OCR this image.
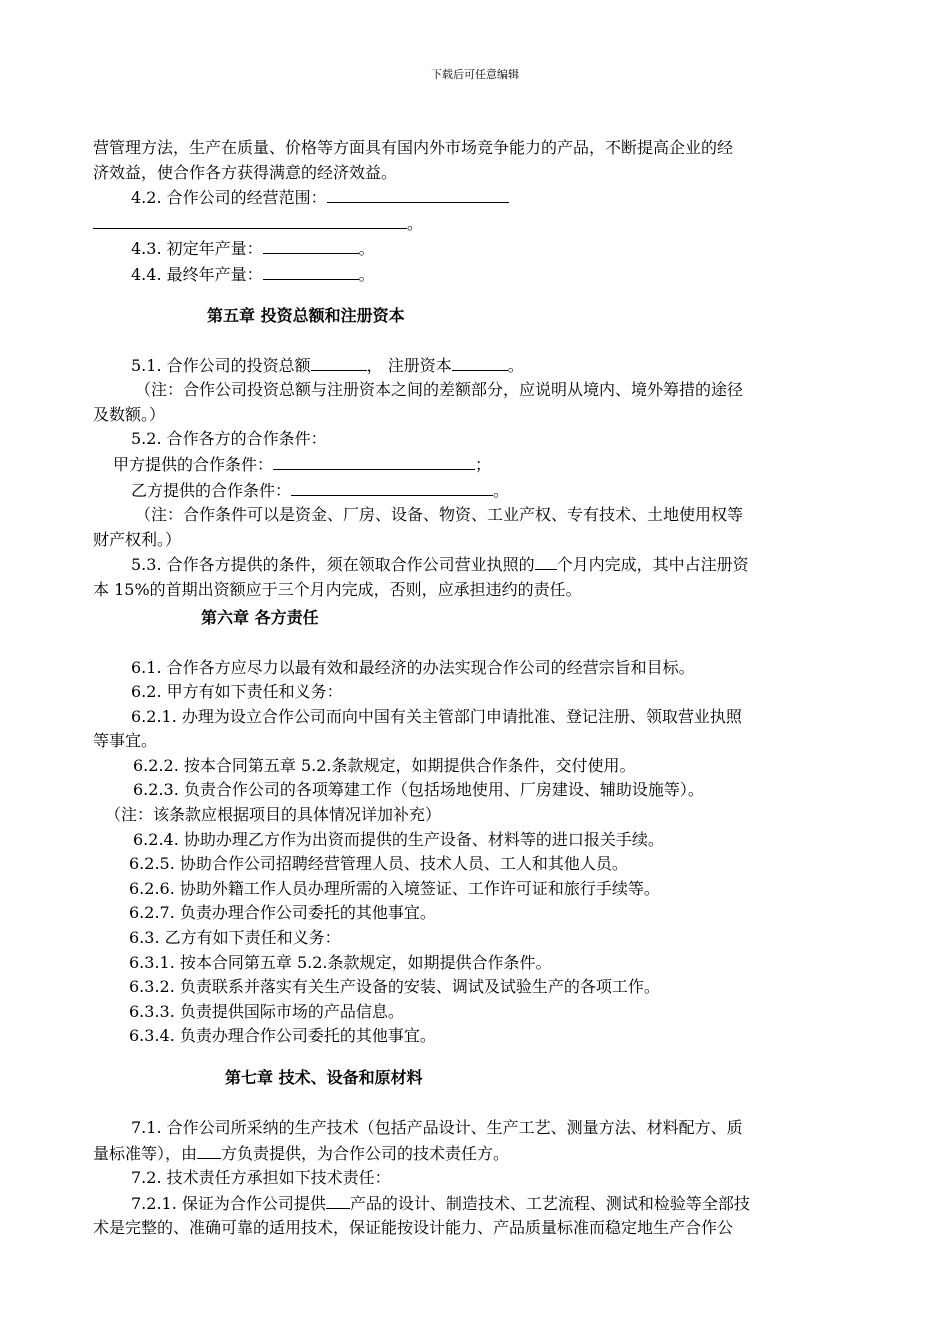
下载后可任意编辑

营管理方法，生产在质量、价格等方面具有国内外市场竞争能力的产品，不断提高企业的经

济效益，使合作各方获得满意的经济效益。

4.2. 合作公司的经营范围：

。

4.3. 初定年产量：	。

4.4. 最终年产量：	。

第五章 投资总额和注册资本

5.1. 合作公司的投资总额	， 注册资本	。

（注：合作公司投资总额与注册资本之间的差额部分，应说明从境内、境外筹措的途径

及数额。）

5.2. 合作各方的合作条件：

甲方提供的合作条件：	；

乙方提供的合作条件：	。

（注：合作条件可以是资金、厂房、设备、物资、工业产权、专有技术、土地使用权等

财产权利。）

5.3. 合作各方提供的条件，须在领取合作公司营业执照的 个月内完成，其中占注册资

本 15%的首期出资额应于三个月内完成，否则，应承担违约的责任。

第六章 各方责任

6.1. 合作各方应尽力以最有效和最经济的办法实现合作公司的经营宗旨和目标。

6.2. 甲方有如下责任和义务：

6.2.1. 办理为设立合作公司而向中国有关主管部门申请批准、登记注册、领取营业执照

等事宜。

6.2.2. 按本合同第五章 5.2.条款规定，如期提供合作条件，交付使用。

6.2.3. 负责合作公司的各项筹建工作（包括场地使用、厂房建设、辅助设施等）。

（注：该条款应根据项目的具体情况详加补充）

6.2.4. 协助办理乙方作为出资而提供的生产设备、材料等的进口报关手续。

6.2.5. 协助合作公司招聘经营管理人员、技术人员、工人和其他人员。

6.2.6. 协助外籍工作人员办理所需的入境签证、工作许可证和旅行手续等。

6.2.7. 负责办理合作公司委托的其他事宜。

6.3. 乙方有如下责任和义务：

6.3.1. 按本合同第五章 5.2.条款规定，如期提供合作条件。

6.3.2. 负责联系并落实有关生产设备的安装、调试及试验生产的各项工作。

6.3.3. 负责提供国际市场的产品信息。

6.3.4. 负责办理合作公司委托的其他事宜。

第七章 技术、设备和原材料

7.1. 合作公司所采纳的生产技术（包括产品设计、生产工艺、测量方法、材料配方、质

量标准等），由 方负责提供，为合作公司的技术责任方。

7.2. 技术责任方承担如下技术责任：

7.2.1. 保证为合作公司提供 产品的设计、制造技术、工艺流程、测试和检验等全部技

术是完整的、准确可靠的适用技术，保证能按设计能力、产品质量标准而稳定地生产合作公
